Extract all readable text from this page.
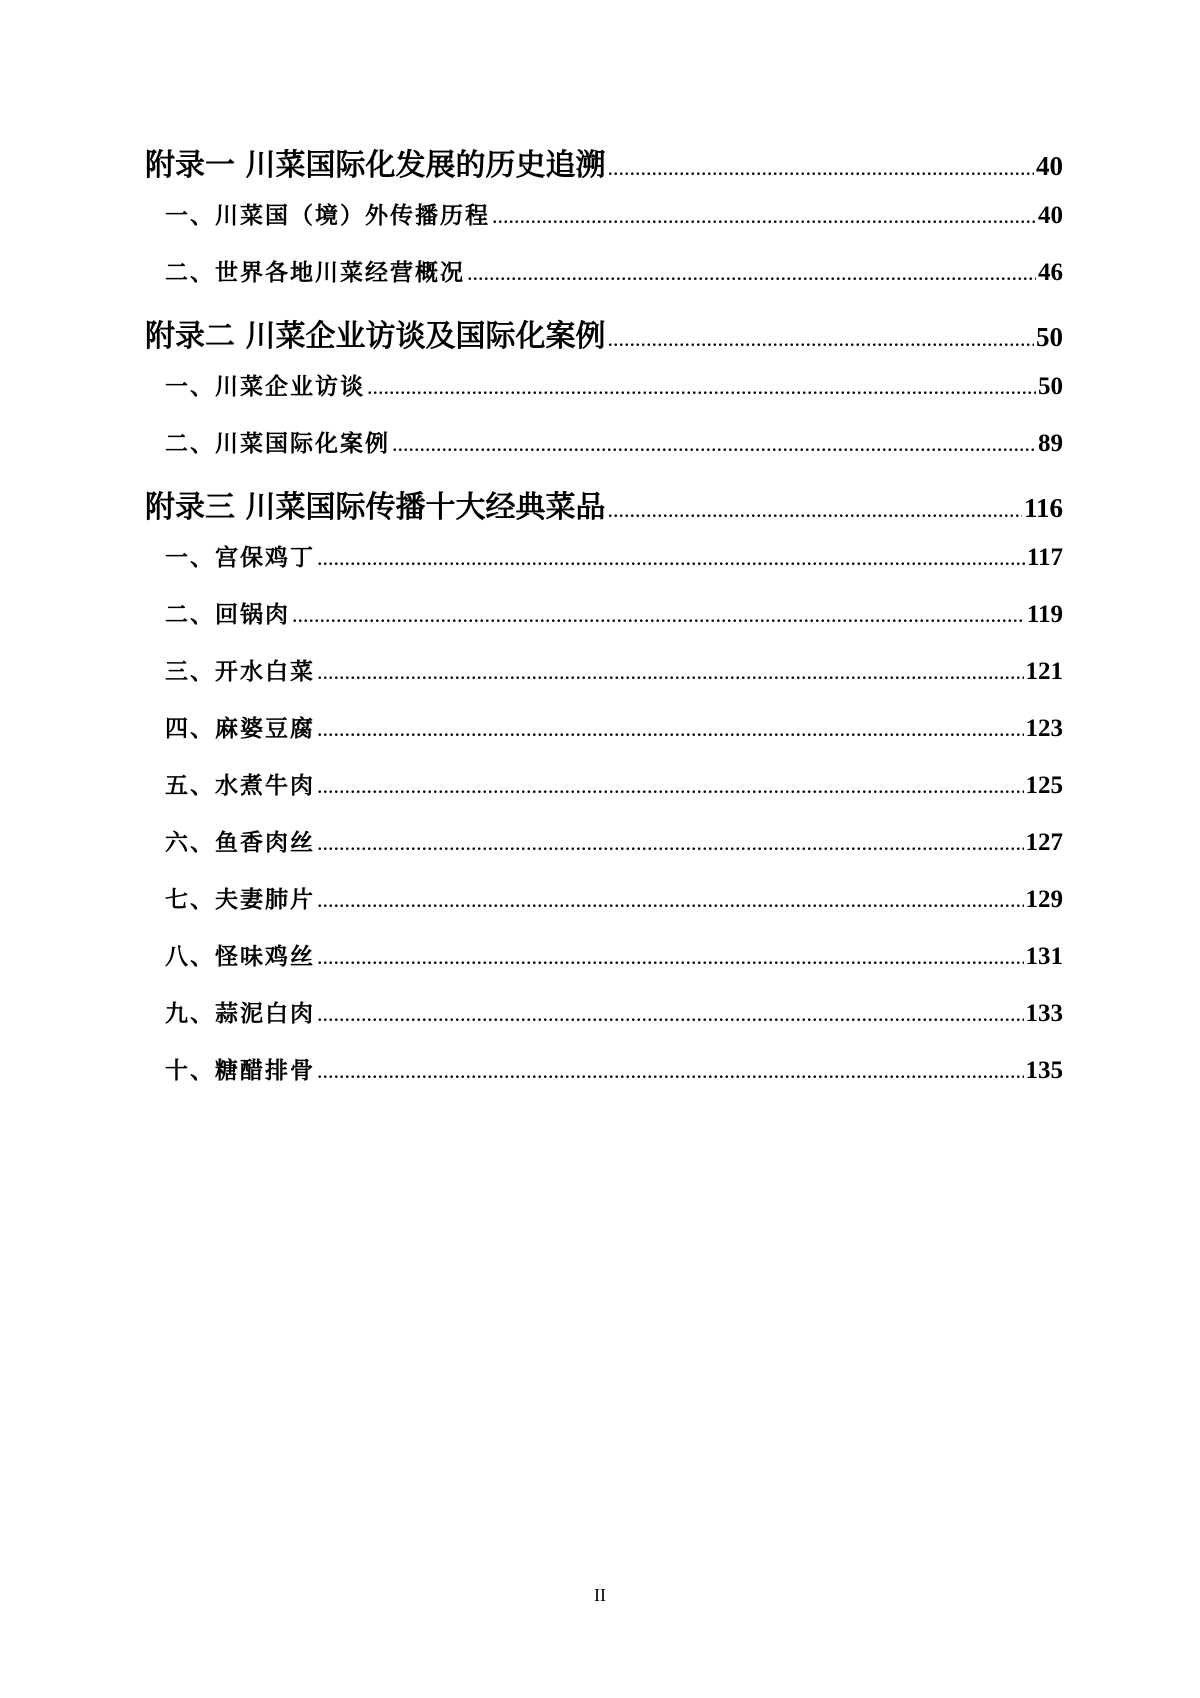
附录一 川菜国际化发展的历史追溯 .....	40
一、川菜国（境）外传播历程 .....	40
二、世界各地川菜经营概况 .....	46
附录二 川菜企业访谈及国际化案例 .....	50
一、川菜企业访谈 .....	50
二、川菜国际化案例 .....	89
附录三 川菜国际传播十大经典菜品 .....	116
一、宫保鸡丁 .....	117
二、回锅肉 .....	119
三、开水白菜 .....	121
四、麻婆豆腐 .....	123
五、水煮牛肉 .....	125
六、鱼香肉丝 .....	127
七、夫妻肺片 .....	129
八、怪味鸡丝 .....	131
九、蒜泥白肉 .....	133
十、糖醋排骨 .....	135
II
